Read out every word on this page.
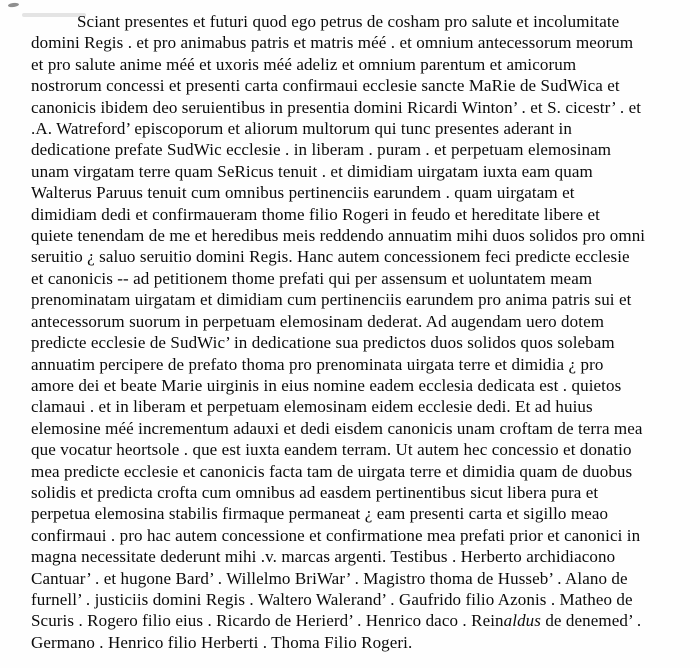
Sciant presentes et futuri quod ego petrus de cosham pro salute et incolumitate
domini Regis . et pro animabus patris et matris méé . et omnium antecessorum meorum
et pro salute anime méé et uxoris méé adeliz et omnium parentum et amicorum
nostrorum concessi et presenti carta confirmaui ecclesie sancte MaRie de SudWica et
canonicis ibidem deo seruientibus in presentia domini Ricardi Winton’ . et S. cicestr’ . et
.A. Watreford’ episcoporum et aliorum multorum qui tunc presentes aderant in
dedicatione prefate SudWic ecclesie . in liberam . puram . et perpetuam elemosinam
unam virgatam terre quam SeRicus tenuit . et dimidiam uirgatam iuxta eam quam
Walterus Paruus tenuit cum omnibus pertinenciis earundem . quam uirgatam et
dimidiam dedi et confirmaueram thome filio Rogeri in feudo et hereditate libere et
quiete tenendam de me et heredibus meis reddendo annuatim mihi duos solidos pro omni
seruitio ¿ saluo seruitio domini Regis. Hanc autem concessionem feci predicte ecclesie
et canonicis -- ad petitionem thome prefati qui per assensum et uoluntatem meam
prenominatam uirgatam et dimidiam cum pertinenciis earundem pro anima patris sui et
antecessorum suorum in perpetuam elemosinam dederat. Ad augendam uero dotem
predicte ecclesie de SudWic’ in dedicatione sua predictos duos solidos quos solebam
annuatim percipere de prefato thoma pro prenominata uirgata terre et dimidia ¿ pro
amore dei et beate Marie uirginis in eius nomine eadem ecclesia dedicata est . quietos
clamaui . et in liberam et perpetuam elemosinam eidem ecclesie dedi. Et ad huius
elemosine méé incrementum adauxi et dedi eisdem canonicis unam croftam de terra mea
que vocatur heortsole . que est iuxta eandem terram. Ut autem hec concessio et donatio
mea predicte ecclesie et canonicis facta tam de uirgata terre et dimidia quam de duobus
solidis et predicta crofta cum omnibus ad easdem pertinentibus sicut libera pura et
perpetua elemosina stabilis firmaque permaneat ¿ eam presenti carta et sigillo meao
confirmaui . pro hac autem concessione et confirmatione mea prefati prior et canonici in
magna necessitate dederunt mihi .v. marcas argenti. Testibus . Herberto archidiacono
Cantuar’ . et hugone Bard’ . Willelmo BriWar’ . Magistro thoma de Husseb’ . Alano de
furnell’ . justiciis domini Regis . Waltero Walerand’ . Gaufrido filio Azonis . Matheo de
Scuris . Rogero filio eius . Ricardo de Herierd’ . Henrico daco . Reinaldus de denemed’ .
Germano . Henrico filio Herberti . Thoma Filio Rogeri.
